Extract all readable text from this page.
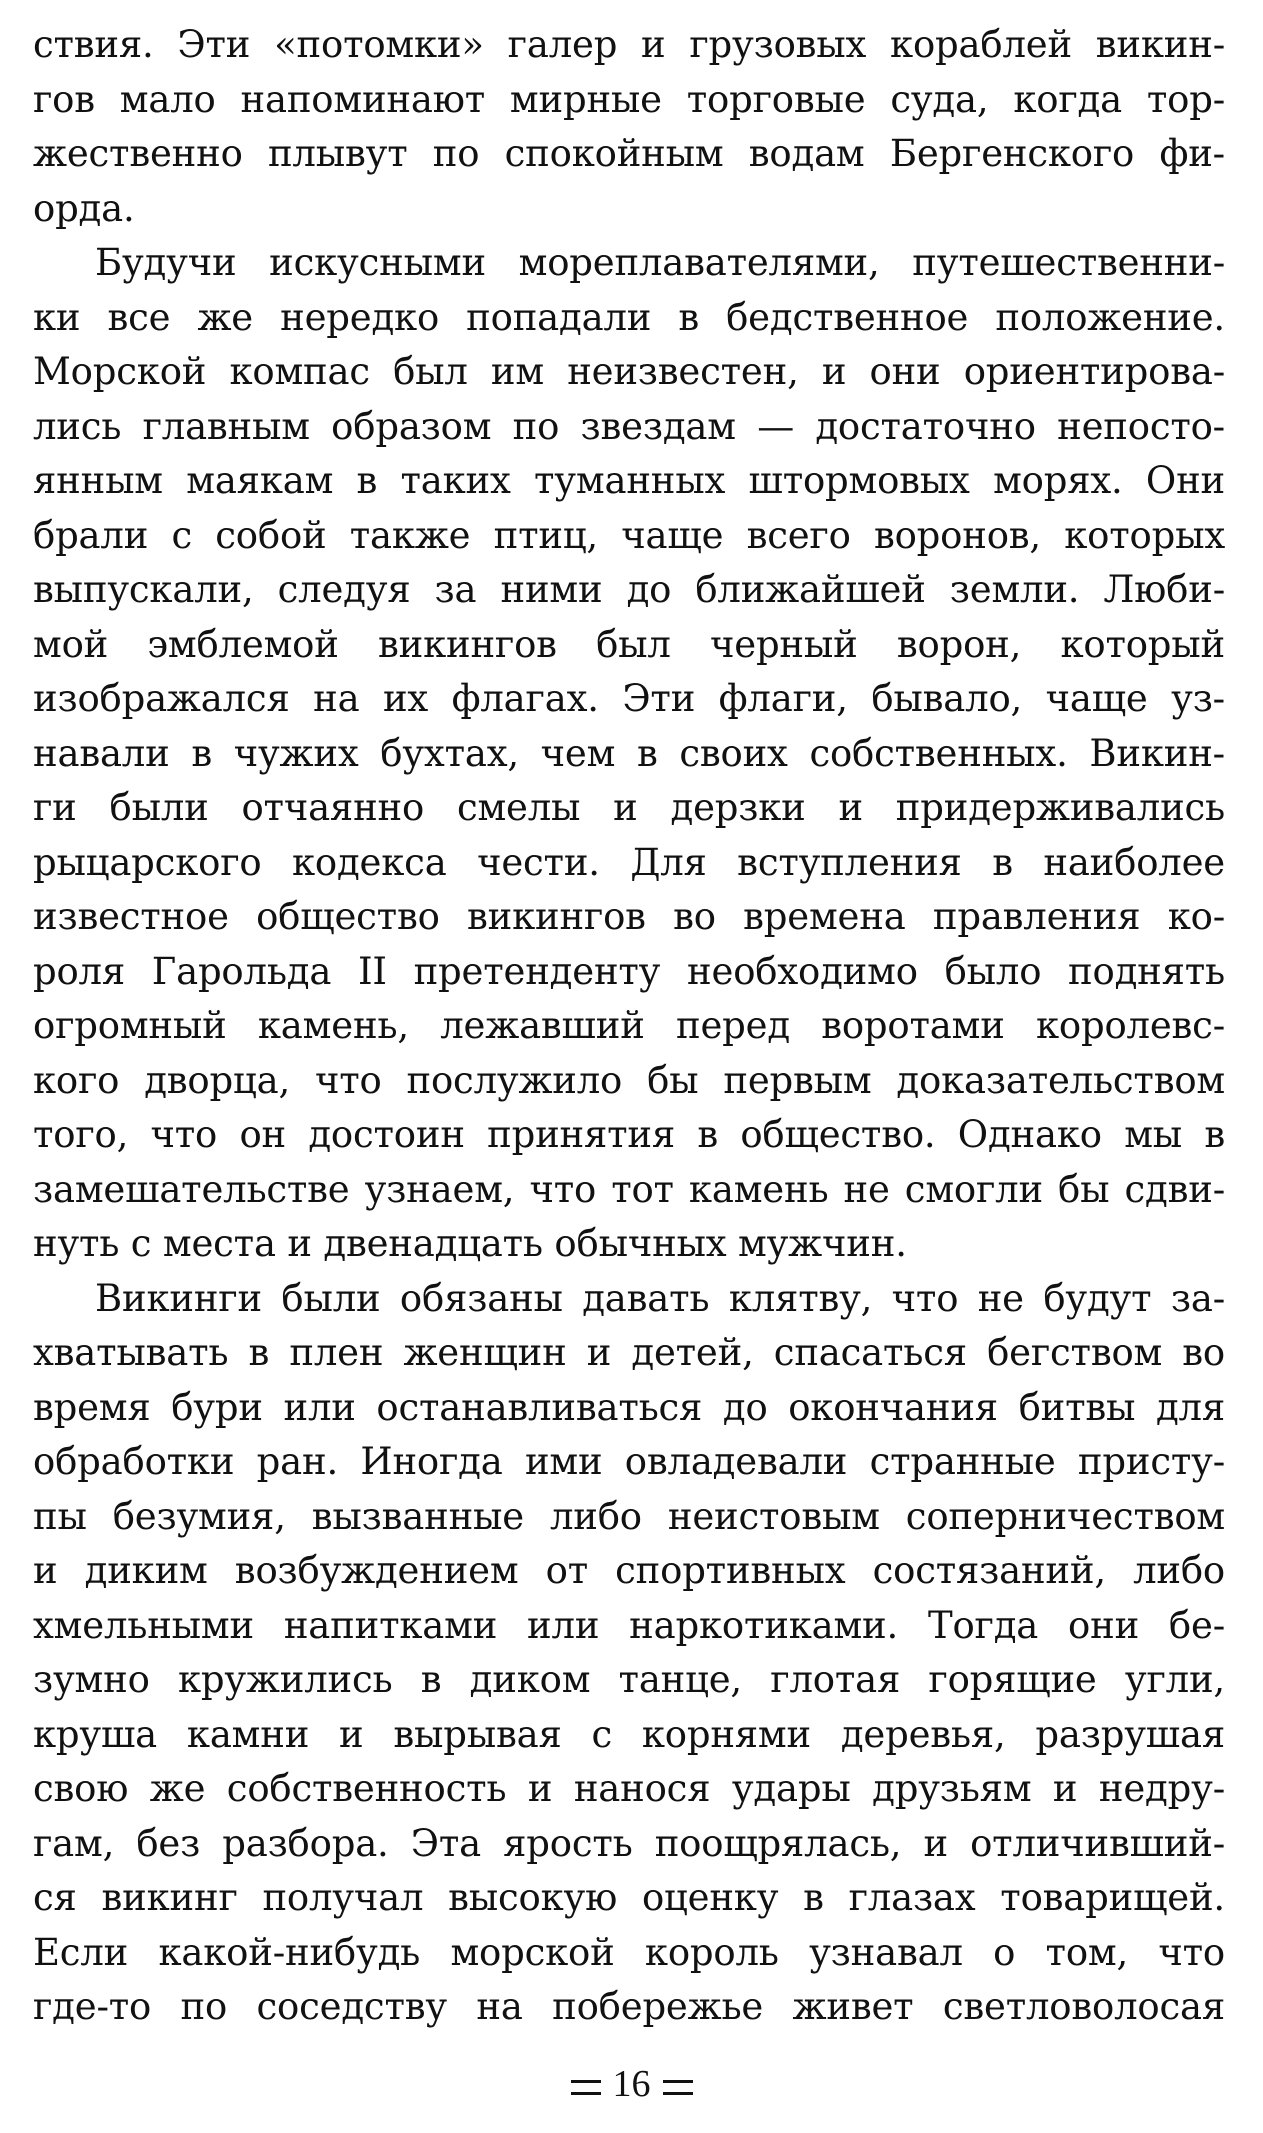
ствия. Эти «потомки» галер и грузовых кораблей викин-
гов мало напоминают мирные торговые суда, когда тор-
жественно плывут по спокойным водам Бергенского фи-
орда.
Будучи искусными мореплавателями, путешественни-
ки все же нередко попадали в бедственное положение.
Морской компас был им неизвестен, и они ориентирова-
лись главным образом по звездам — достаточно непосто-
янным маякам в таких туманных штормовых морях. Они
брали с собой также птиц, чаще всего воронов, которых
выпускали, следуя за ними до ближайшей земли. Люби-
мой эмблемой викингов был черный ворон, который
изображался на их флагах. Эти флаги, бывало, чаще уз-
навали в чужих бухтах, чем в своих собственных. Викин-
ги были отчаянно смелы и дерзки и придерживались
рыцарского кодекса чести. Для вступления в наиболее
известное общество викингов во времена правления ко-
роля Гарольда II претенденту необходимо было поднять
огромный камень, лежавший перед воротами королевс-
кого дворца, что послужило бы первым доказательством
того, что он достоин принятия в общество. Однако мы в
замешательстве узнаем, что тот камень не смогли бы сдви-
нуть с места и двенадцать обычных мужчин.
Викинги были обязаны давать клятву, что не будут за-
хватывать в плен женщин и детей, спасаться бегством во
время бури или останавливаться до окончания битвы для
обработки ран. Иногда ими овладевали странные присту-
пы безумия, вызванные либо неистовым соперничеством
и диким возбуждением от спортивных состязаний, либо
хмельными напитками или наркотиками. Тогда они бе-
зумно кружились в диком танце, глотая горящие угли,
круша камни и вырывая с корнями деревья, разрушая
свою же собственность и нанося удары друзьям и недру-
гам, без разбора. Эта ярость поощрялась, и отличивший-
ся викинг получал высокую оценку в глазах товарищей.
Если какой-нибудь морской король узнавал о том, что
где-то по соседству на побережье живет светловолосая
16
